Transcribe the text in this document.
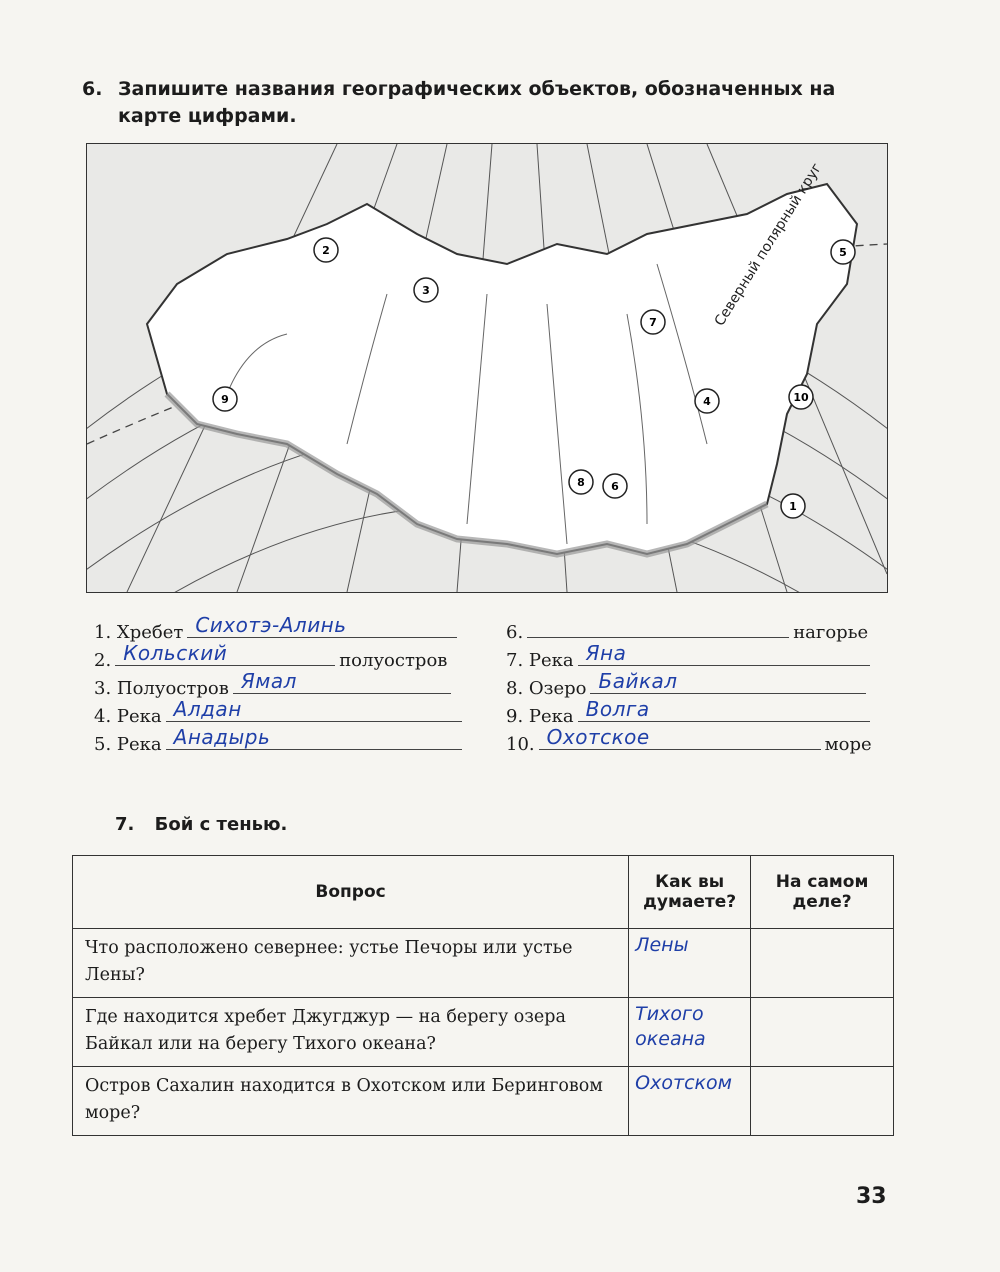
6. Запишите названия географических объектов, обозначенных на карте цифрами.
Северный полярный круг
1
2
3
4
5
6
7
8
9	10
1. Хребет Сихотэ-Алинь
2. Кольский	полуостров
3. Полуостров Ямал
4. Река Алдан
5. Река Анадырь
6.	нагорье
7. Река Яна
8. Озеро Байкал
9. Река Волга
10. Охотское	море
7. Бой с тенью.
Вопрос	Как вы думаете?	На самом деле?
Что расположено севернее: устье Печоры или устье Лены?	Лены	

Где находится хребет Джугджур — на берегу озера Байкал или на берегу Тихого океана?	Тихого океана	

Остров Сахалин находится в Охотском или Беринговом море?	Охотском	

33
